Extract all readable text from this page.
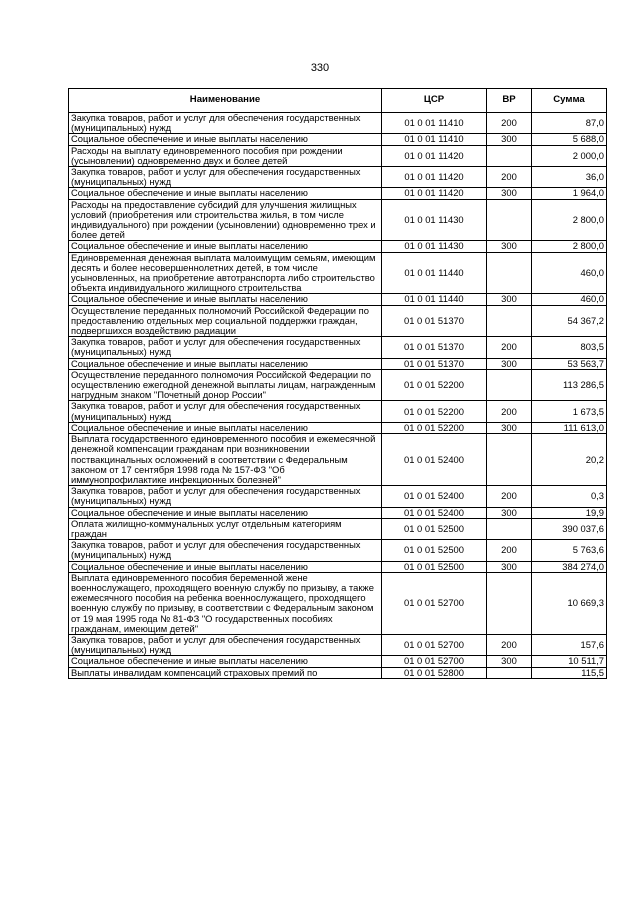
330
Наименование	ЦСР	ВР	Сумма
Закупка товаров, работ и услуг для обеспечения государственных (муниципальных) нужд	01 0 01 11410	200	87,0
Социальное обеспечение и иные выплаты населению	01 0 01 11410	300	5 688,0
Расходы на выплату единовременного пособия при рождении (усыновлении) одновременно двух и более детей	01 0 01 11420		2 000,0
Закупка товаров, работ и услуг для обеспечения государственных (муниципальных) нужд	01 0 01 11420	200	36,0
Социальное обеспечение и иные выплаты населению	01 0 01 11420	300	1 964,0
Расходы на предоставление субсидий для улучшения жилищных условий (приобретения или строительства жилья, в том числе индивидуального) при рождении (усыновлении) одновременно трех и более детей	01 0 01 11430		2 800,0
Социальное обеспечение и иные выплаты населению	01 0 01 11430	300	2 800,0
Единовременная денежная выплата малоимущим семьям, имеющим десять и более несовершеннолетних детей, в том числе усыновленных, на приобретение автотранспорта либо строительство объекта индивидуального жилищного строительства	01 0 01 11440		460,0
Социальное обеспечение и иные выплаты населению	01 0 01 11440	300	460,0
Осуществление переданных полномочий Российской Федерации по предоставлению отдельных мер социальной поддержки граждан, подвергшихся воздействию радиации	01 0 01 51370		54 367,2
Закупка товаров, работ и услуг для обеспечения государственных (муниципальных) нужд	01 0 01 51370	200	803,5
Социальное обеспечение и иные выплаты населению	01 0 01 51370	300	53 563,7
Осуществление переданного полномочия Российской Федерации по осуществлению ежегодной денежной выплаты лицам, награжденным нагрудным знаком "Почетный донор России"	01 0 01 52200		113 286,5
Закупка товаров, работ и услуг для обеспечения государственных (муниципальных) нужд	01 0 01 52200	200	1 673,5
Социальное обеспечение и иные выплаты населению	01 0 01 52200	300	111 613,0
Выплата государственного единовременного пособия и ежемесячной денежной компенсации гражданам при возникновении поствакцинальных осложнений в соответствии с Федеральным законом от 17 сентября 1998 года № 157-ФЗ "Об иммунопрофилактике инфекционных болезней"	01 0 01 52400		20,2
Закупка товаров, работ и услуг для обеспечения государственных (муниципальных) нужд	01 0 01 52400	200	0,3
Социальное обеспечение и иные выплаты населению	01 0 01 52400	300	19,9
Оплата жилищно-коммунальных услуг отдельным категориям граждан	01 0 01 52500		390 037,6
Закупка товаров, работ и услуг для обеспечения государственных (муниципальных) нужд	01 0 01 52500	200	5 763,6
Социальное обеспечение и иные выплаты населению	01 0 01 52500	300	384 274,0
Выплата единовременного пособия беременной жене военнослужащего, проходящего военную службу по призыву, а также ежемесячного пособия на ребенка военнослужащего, проходящего военную службу по призыву, в соответствии с Федеральным законом от 19 мая 1995 года № 81-ФЗ "О государственных пособиях гражданам, имеющим детей"	01 0 01 52700		10 669,3
Закупка товаров, работ и услуг для обеспечения государственных (муниципальных) нужд	01 0 01 52700	200	157,6
Социальное обеспечение и иные выплаты населению	01 0 01 52700	300	10 511,7
Выплаты инвалидам компенсаций страховых премий по	01 0 01 52800		115,5
